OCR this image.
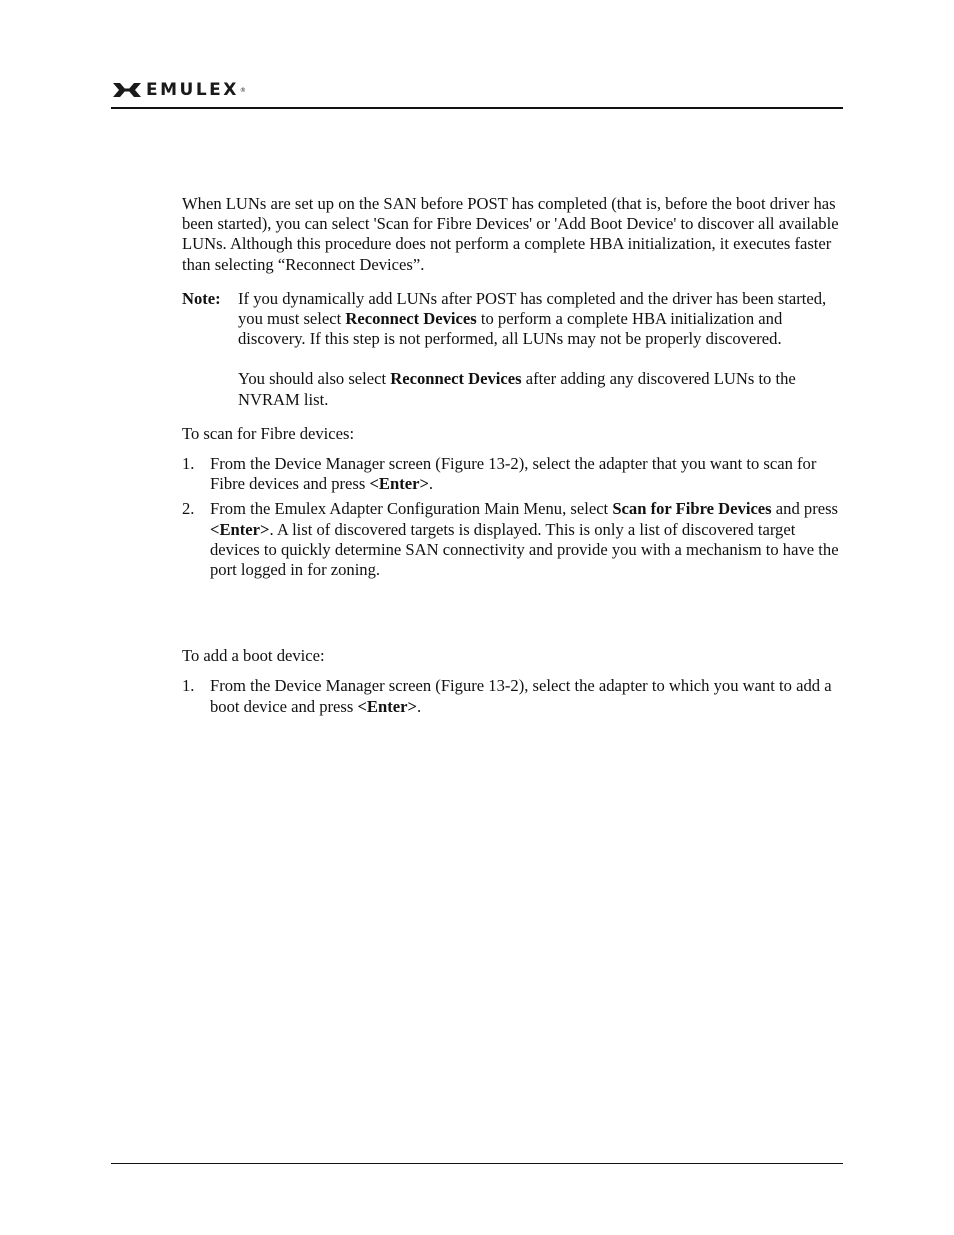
EMULEX ®

When LUNs are set up on the SAN before POST has completed (that is, before the boot driver has been started), you can select 'Scan for Fibre Devices' or 'Add Boot Device' to discover all available LUNs. Although this procedure does not perform a complete HBA initialization, it executes faster than selecting “Reconnect Devices”.

Note:	If you dynamically add LUNs after POST has completed and the driver has been started, you must select Reconnect Devices to perform a complete HBA initialization and discovery. If this step is not performed, all LUNs may not be properly discovered.

You should also select Reconnect Devices after adding any discovered LUNs to the NVRAM list.

To scan for Fibre devices:

1. From the Device Manager screen (Figure 13-2), select the adapter that you want to scan for Fibre devices and press <Enter>.
2. From the Emulex Adapter Configuration Main Menu, select Scan for Fibre Devices and press <Enter>. A list of discovered targets is displayed. This is only a list of discovered target devices to quickly determine SAN connectivity and provide you with a mechanism to have the port logged in for zoning.

To add a boot device:

1. From the Device Manager screen (Figure 13-2), select the adapter to which you want to add a boot device and press <Enter>.
